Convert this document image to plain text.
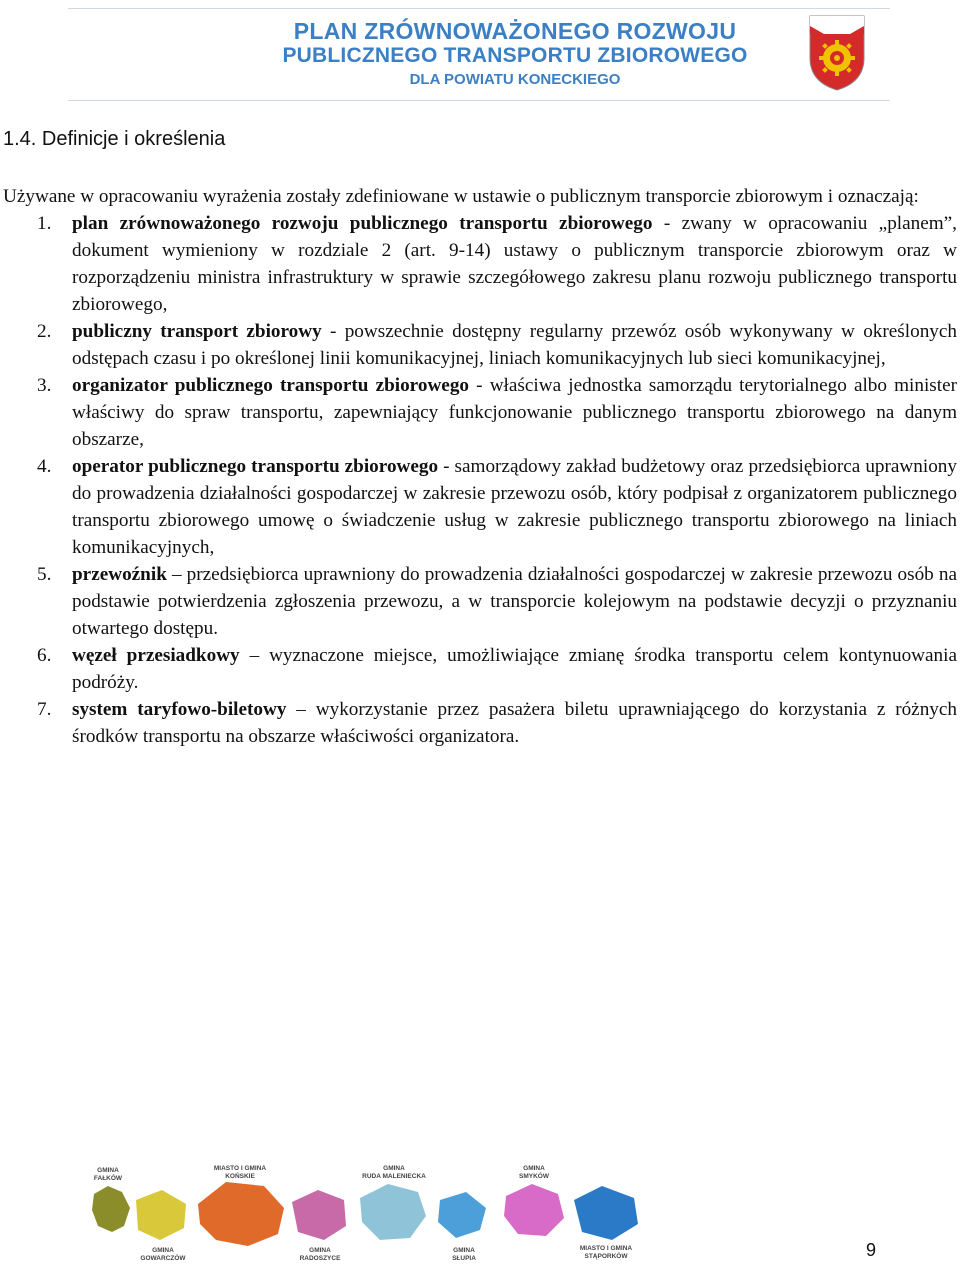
PLAN ZRÓWNOWAŻONEGO ROZWOJU
PUBLICZNEGO TRANSPORTU ZBIOROWEGO
DLA POWIATU KONECKIEGO
1.4. Definicje i określenia

Używane w opracowaniu wyrażenia zostały zdefiniowane w ustawie o publicznym transporcie zbiorowym i oznaczają:

1. plan zrównoważonego rozwoju publicznego transportu zbiorowego - zwany w opracowaniu „planem”, dokument wymieniony w rozdziale 2 (art. 9-14) ustawy o publicznym transporcie zbiorowym oraz w rozporządzeniu ministra infrastruktury w sprawie szczegółowego zakresu planu rozwoju publicznego transportu zbiorowego,
2. publiczny transport zbiorowy - powszechnie dostępny regularny przewóz osób wykonywany w określonych odstępach czasu i po określonej linii komunikacyjnej, liniach komunikacyjnych lub sieci komunikacyjnej,
3. organizator publicznego transportu zbiorowego - właściwa jednostka samorządu terytorialnego albo minister właściwy do spraw transportu, zapewniający funkcjonowanie publicznego transportu zbiorowego na danym obszarze,
4. operator publicznego transportu zbiorowego - samorządowy zakład budżetowy oraz przedsiębiorca uprawniony do prowadzenia działalności gospodarczej w zakresie przewozu osób, który podpisał z organizatorem publicznego transportu zbiorowego umowę o świadczenie usług w zakresie publicznego transportu zbiorowego na liniach komunikacyjnych,
5. przewoźnik – przedsiębiorca uprawniony do prowadzenia działalności gospodarczej w zakresie przewozu osób na podstawie potwierdzenia zgłoszenia przewozu, a w transporcie kolejowym na podstawie decyzji o przyznaniu otwartego dostępu.
6. węzeł przesiadkowy – wyznaczone miejsce, umożliwiające zmianę środka transportu celem kontynuowania podróży.
7. system taryfowo-biletowy – wykorzystanie przez pasażera biletu uprawniającego do korzystania z różnych środków transportu na obszarze właściwości organizatora.
GMINA
FAŁKÓW
GMINA
GOWARCZÓW
MIASTO I GMINA
KOŃSKIE
GMINA
RADOSZYCE
GMINA
RUDA MALENIECKA
GMINA
SŁUPIA
GMINA
SMYKÓW
MIASTO I GMINA
STĄPORKÓW	9
